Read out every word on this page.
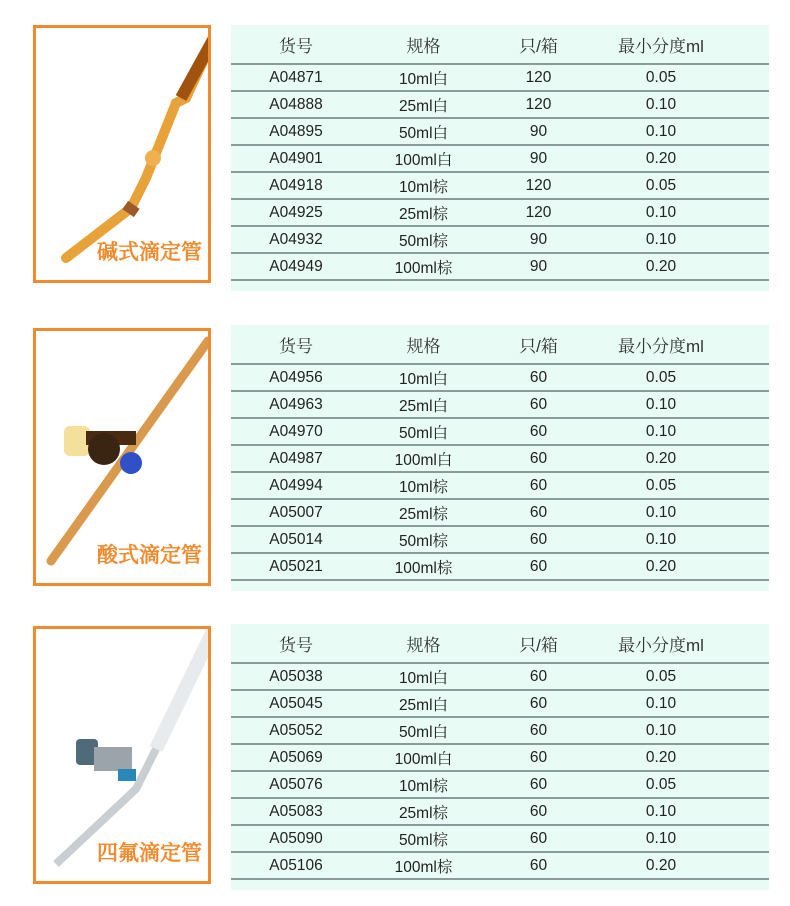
碱式滴定管
货号	规格	只/箱	最小分度ml
A04871	10ml白	120	0.05
A04888	25ml白	120	0.10
A04895	50ml白	90	0.10
A04901	100ml白	90	0.20
A04918	10ml棕	120	0.05
A04925	25ml棕	120	0.10
A04932	50ml棕	90	0.10
A04949	100ml棕	90	0.20
酸式滴定管
货号	规格	只/箱	最小分度ml
A04956	10ml白	60	0.05
A04963	25ml白	60	0.10
A04970	50ml白	60	0.10
A04987	100ml白	60	0.20
A04994	10ml棕	60	0.05
A05007	25ml棕	60	0.10
A05014	50ml棕	60	0.10
A05021	100ml棕	60	0.20
四氟滴定管
货号	规格	只/箱	最小分度ml
A05038	10ml白	60	0.05
A05045	25ml白	60	0.10
A05052	50ml白	60	0.10
A05069	100ml白	60	0.20
A05076	10ml棕	60	0.05
A05083	25ml棕	60	0.10
A05090	50ml棕	60	0.10
A05106	100ml棕	60	0.20
